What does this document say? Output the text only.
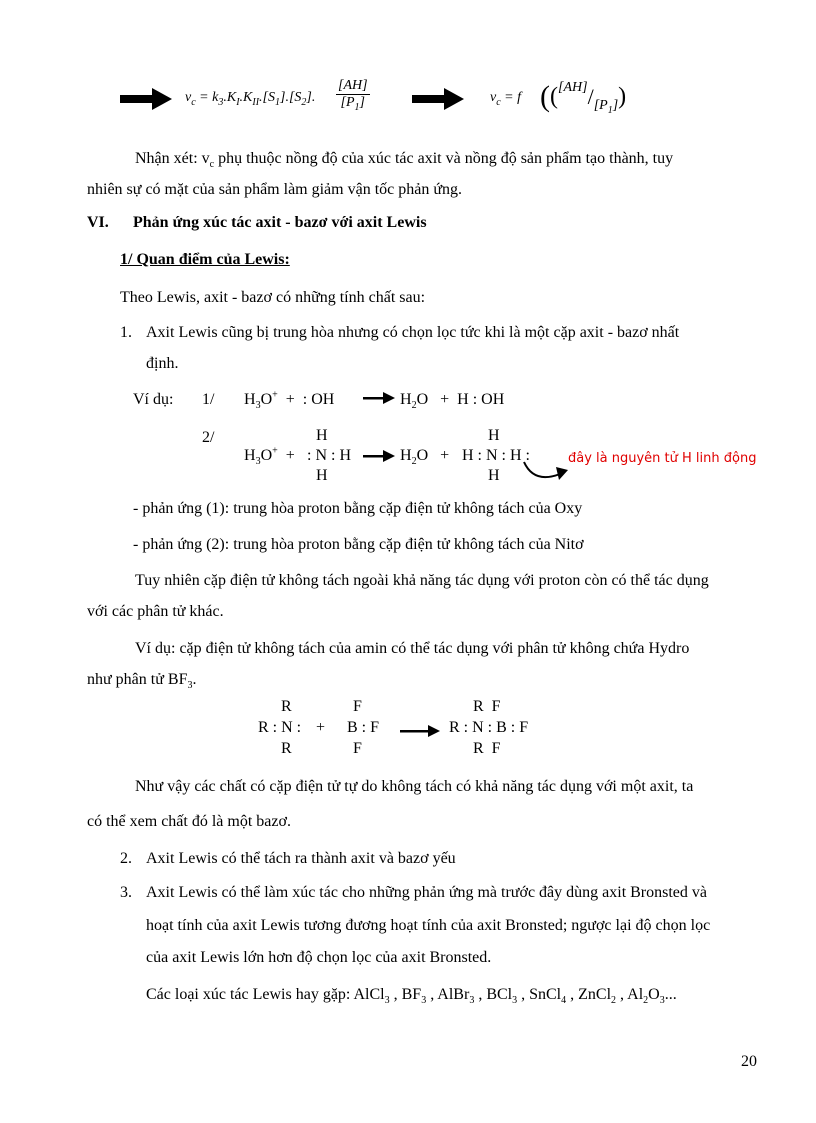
$v_c = k_3.K_I.K_{II}.[S_1].[S_2]$. $\frac{[AH]}{[P_1]}$	$v_c = f$ ($([AH]/[P_1])$
Nhận xét: $v_c$ phụ thuộc nồng độ của xúc tác axit và nồng độ sản phẩm tạo thành, tuy
nhiên sự có mặt của sản phẩm làm giảm vận tốc phản ứng.
VI. Phản ứng xúc tác axit - bazơ với axit Lewis
1/ Quan điểm của Lewis:
Theo Lewis, axit - bazơ có những tính chất sau:
1. Axit Lewis cũng bị trung hòa nhưng có chọn lọc tức khi là một cặp axit - bazơ nhất
định.
Ví dụ: 1/ $H_3O^+$ + : OH → $H_2O + H$ : OH
2/
$H_3O^+$ +
H
: N : H
H
→ $H_2O$ +
H
H : N : H :
H
đây là nguyên tử H linh động
- phản ứng (1): trung hòa proton bằng cặp điện tử không tách của Oxy
- phản ứng (2): trung hòa proton bằng cặp điện tử không tách của Nitơ
Tuy nhiên cặp điện tử không tách ngoài khả năng tác dụng với proton còn có thể tác dụng
với các phân tử khác.
Ví dụ: cặp điện tử không tách của amin có thể tác dụng với phân tử không chứa Hydro
như phân tử $BF_3$.
R
R : N :
R
+
F
B : F
F
R  F
R : N : B : F
R  F
Như vậy các chất có cặp điện tử tự do không tách có khả năng tác dụng với một axit, ta
có thể xem chất đó là một bazơ.
2. Axit Lewis có thể tách ra thành axit và bazơ yếu
3. Axit Lewis có thể làm xúc tác cho những phản ứng mà trước đây dùng axit Bronsted và
hoạt tính của axit Lewis tương đương hoạt tính của axit Bronsted; ngược lại độ chọn lọc
của axit Lewis lớn hơn độ chọn lọc của axit Bronsted.
Các loại xúc tác Lewis hay gặp: AlCl$_3$ , $BF_3$ , AlBr$_3$ , BCl$_3$ , SnCl$_4$ , ZnCl$_2$ , $Al_2O_3$...
20
